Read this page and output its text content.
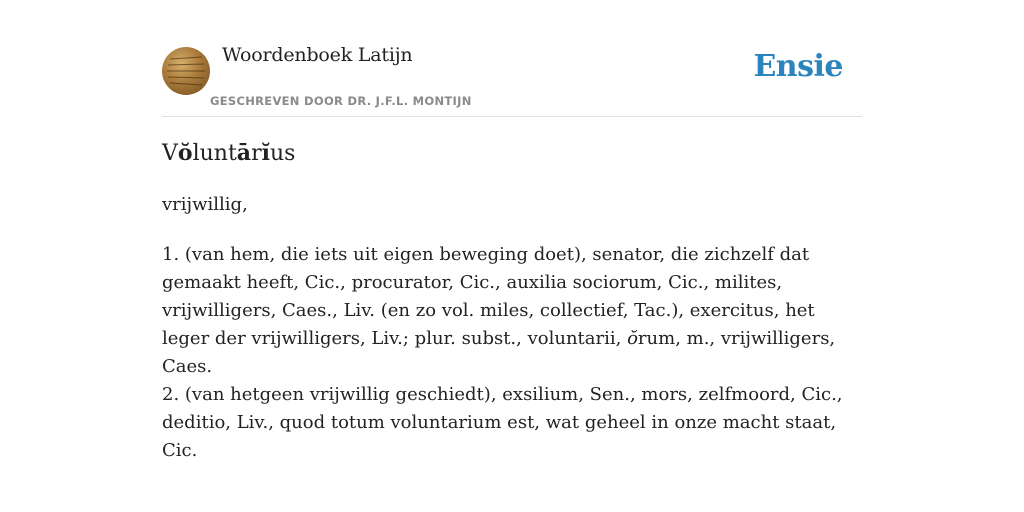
Woordenboek Latijn
GESCHREVEN DOOR DR. J.F.L. MONTIJN
Ensie
Vŏluntārĭus
vrijwillig,

1. (van hem, die iets uit eigen beweging doet), senator, die zichzelf dat gemaakt heeft, Cic., procurator, Cic., auxilia sociorum, Cic., milites, vrijwilligers, Caes., Liv. (en zo vol. miles, collectief, Tac.), exercitus, het leger der vrijwilligers, Liv.; plur. subst., voluntarii, ŏrum, m., vrijwilligers, Caes.

2. (van hetgeen vrijwillig geschiedt), exsilium, Sen., mors, zelfmoord, Cic., deditio, Liv., quod totum voluntarium est, wat geheel in onze macht staat, Cic.
